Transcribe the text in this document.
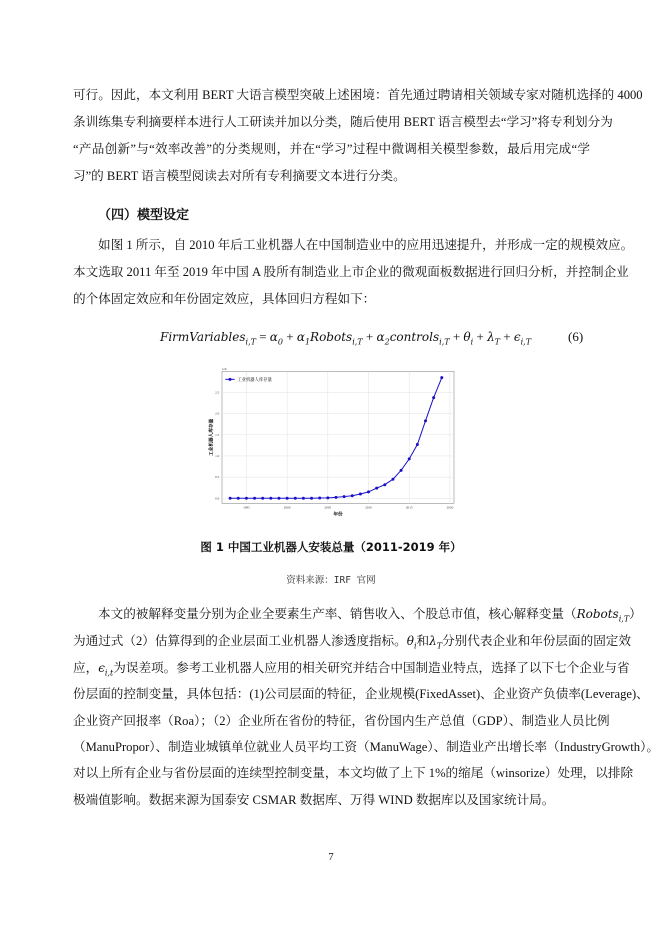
可行。因此，本文利用 BERT 大语言模型突破上述困境：首先通过聘请相关领域专家对随机选择的 4000
条训练集专利摘要样本进行人工研读并加以分类，随后使用 BERT 语言模型去“学习”将专利划分为
“产品创新”与“效率改善”的分类规则，并在“学习”过程中微调相关模型参数，最后用完成“学
习”的 BERT 语言模型阅读去对所有专利摘要文本进行分类。
（四）模型设定
如图 1 所示，自 2010 年后工业机器人在中国制造业中的应用迅速提升，并形成一定的规模效应。
本文选取 2011 年至 2019 年中国 A 股所有制造业上市企业的微观面板数据进行回归分析，并控制企业
的个体固定效应和年份固定效应，具体回归方程如下：
FirmVariables$_{i,T}$ = $\alpha_0$ + $\alpha_1Robots_{i,T}$ + $\alpha_2controls_{i,T} + \theta_i + \lambda_T + \epsilon_{i,T}$	(6)
1995	2000	2005	2010	2015	2020
0.0
0.5
1.0
1.5
2.0
2.5
1e6
年份
工业机器人库存量
工业机器人库存量
图 1 中国工业机器人安装总量（2011-2019 年）
资料来源：IRF 官网
本文的被解释变量分别为企业全要素生产率、销售收入、个股总市值，核心解释变量（Robots$_{i,T}$）
为通过式（2）估算得到的企业层面工业机器人渗透度指标。$\theta_i$和$\lambda_T$分别代表企业和年份层面的固定效
应，$\epsilon_{i,t}$为误差项。参考工业机器人应用的相关研究并结合中国制造业特点，选择了以下七个企业与省
份层面的控制变量，具体包括：(1)公司层面的特征，企业规模(FixedAsset)、企业资产负债率(Leverage)、
企业资产回报率（Roa）；（2）企业所在省份的特征，省份国内生产总值（GDP）、制造业人员比例
（ManuPropor）、制造业城镇单位就业人员平均工资（ManuWage）、制造业产出增长率（IndustryGrowth）。
对以上所有企业与省份层面的连续型控制变量，本文均做了上下 1%的缩尾（winsorize）处理，以排除
极端值影响。数据来源为国泰安 CSMAR 数据库、万得 WIND 数据库以及国家统计局。
7
